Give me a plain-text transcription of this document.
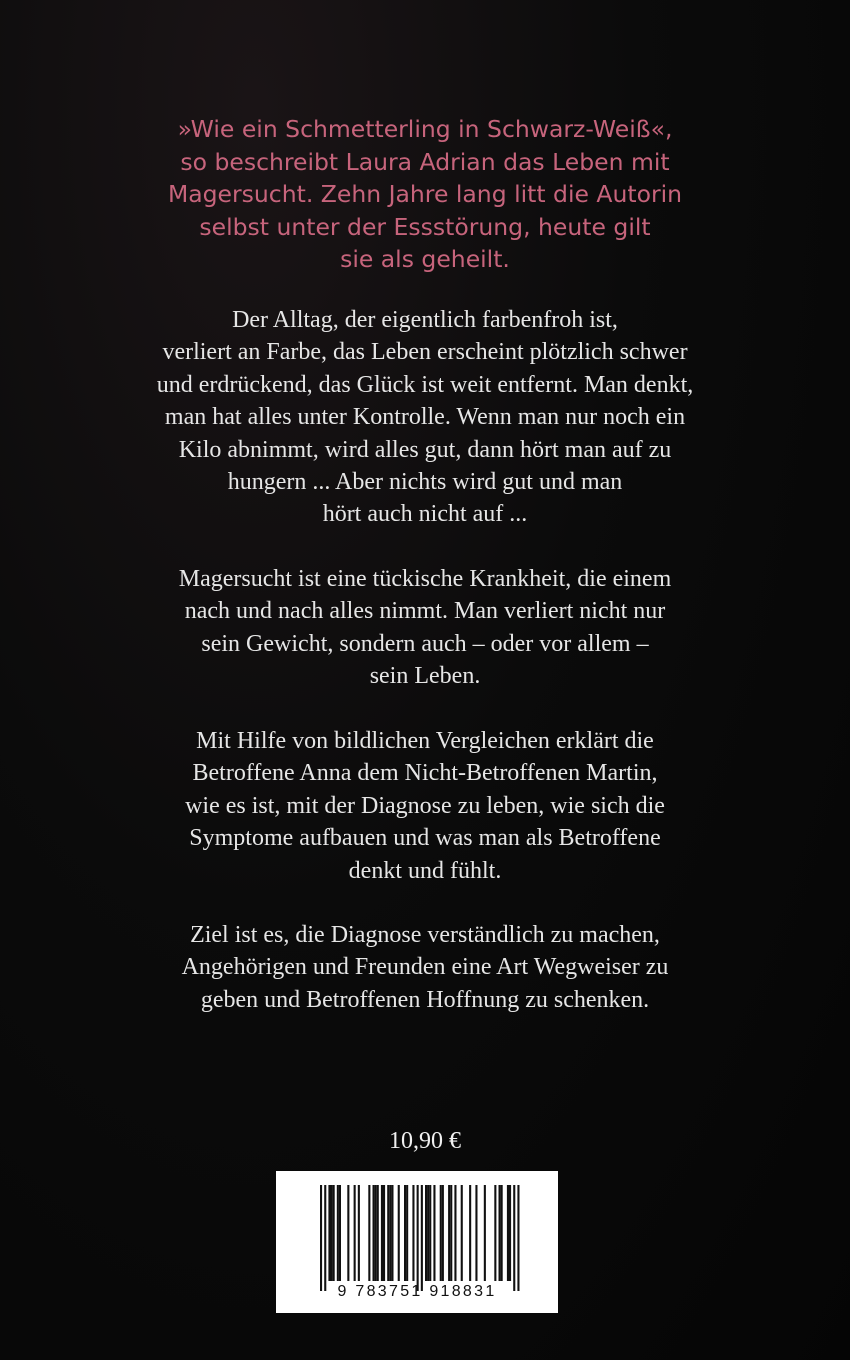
»Wie ein Schmetterling in Schwarz-Weiß«,
so beschreibt Laura Adrian das Leben mit
Magersucht. Zehn Jahre lang litt die Autorin
selbst unter der Essstörung, heute gilt
sie als geheilt.
Der Alltag, der eigentlich farbenfroh ist,
verliert an Farbe, das Leben erscheint plötzlich schwer
und erdrückend, das Glück ist weit entfernt. Man denkt,
man hat alles unter Kontrolle. Wenn man nur noch ein
Kilo abnimmt, wird alles gut, dann hört man auf zu
hungern ... Aber nichts wird gut und man
hört auch nicht auf ...
Magersucht ist eine tückische Krankheit, die einem
nach und nach alles nimmt. Man verliert nicht nur
sein Gewicht, sondern auch – oder vor allem –
sein Leben.
Mit Hilfe von bildlichen Vergleichen erklärt die
Betroffene Anna dem Nicht-Betroffenen Martin,
wie es ist, mit der Diagnose zu leben, wie sich die
Symptome aufbauen und was man als Betroffene
denkt und fühlt.
Ziel ist es, die Diagnose verständlich zu machen,
Angehörigen und Freunden eine Art Wegweiser zu
geben und Betroffenen Hoffnung zu schenken.
10,90 €
9 783751 918831
